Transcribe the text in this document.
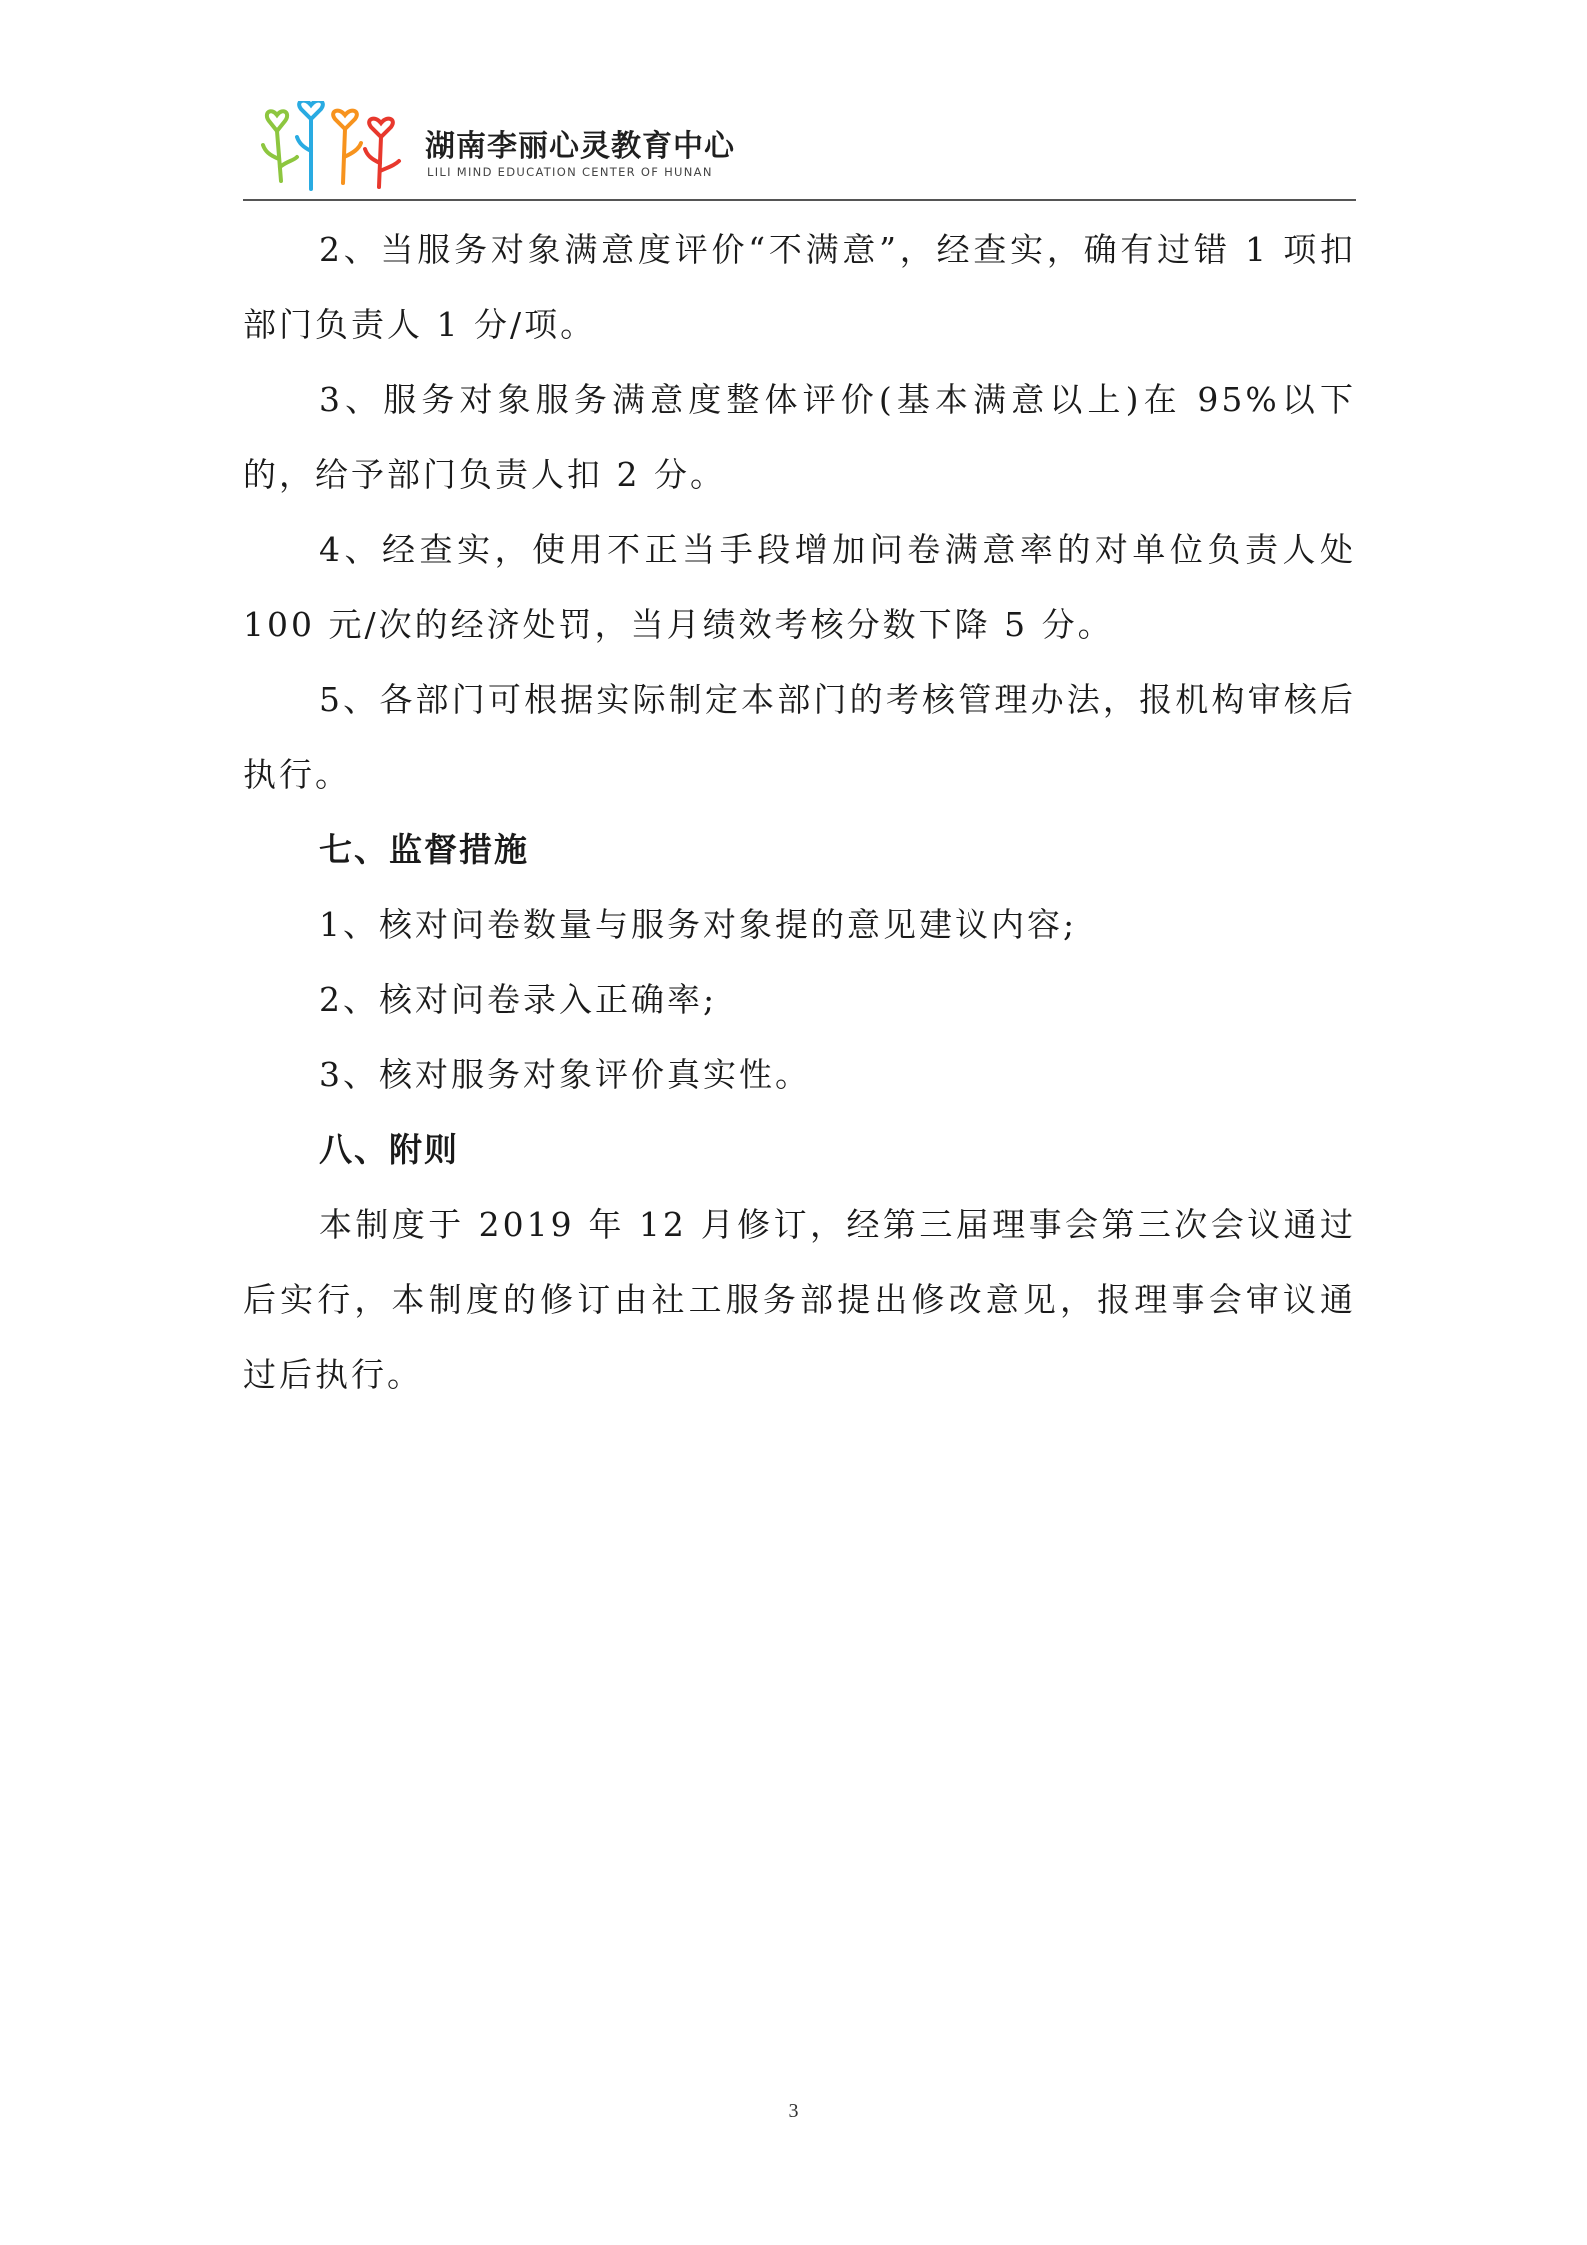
湖南李丽心灵教育中心
LILI MIND EDUCATION CENTER OF HUNAN

2、当服务对象满意度评价“不满意”，经查实，确有过错 1 项扣部门负责人 1 分/项。

3、服务对象服务满意度整体评价(基本满意以上)在 95%以下的，给予部门负责人扣 2 分。

4、经查实，使用不正当手段增加问卷满意率的对单位负责人处 100 元/次的经济处罚，当月绩效考核分数下降 5 分。

5、各部门可根据实际制定本部门的考核管理办法，报机构审核后执行。

七、监督措施

1、核对问卷数量与服务对象提的意见建议内容;

2、核对问卷录入正确率;

3、核对服务对象评价真实性。

八、附则

本制度于 2019 年 12 月修订，经第三届理事会第三次会议通过后实行，本制度的修订由社工服务部提出修改意见，报理事会审议通过后执行。

3
